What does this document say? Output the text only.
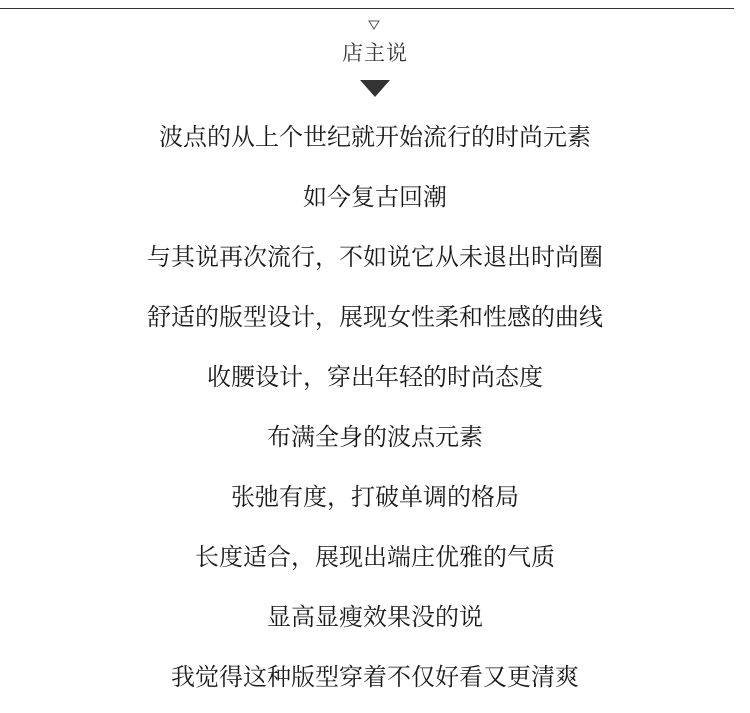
店主说
波点的从上个世纪就开始流行的时尚元素
如今复古回潮
与其说再次流行，不如说它从未退出时尚圈
舒适的版型设计，展现女性柔和性感的曲线
收腰设计，穿出年轻的时尚态度
布满全身的波点元素
张弛有度，打破单调的格局
长度适合，展现出端庄优雅的气质
显高显瘦效果没的说
我觉得这种版型穿着不仅好看又更清爽
